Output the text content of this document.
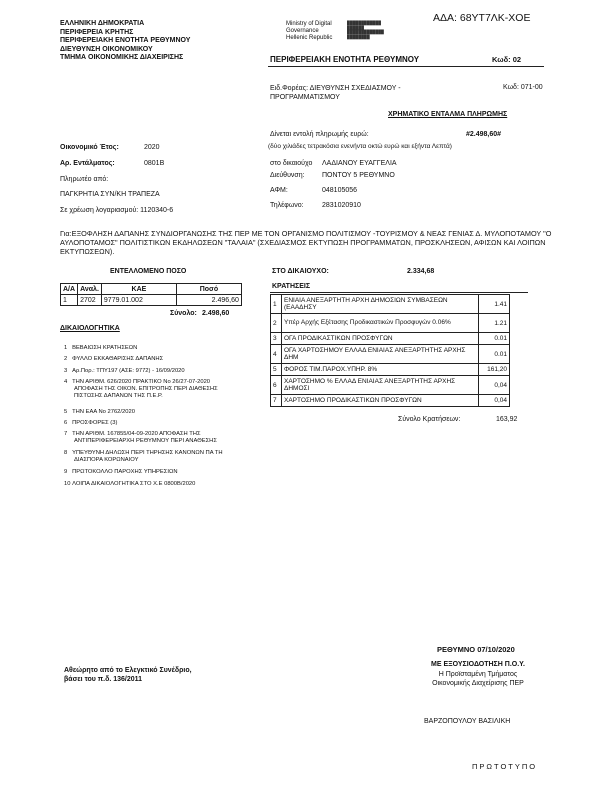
ΑΔΑ: 68ΥΤ7ΛΚ-ΧΟΕ
ΕΛΛΗΝΙΚΗ ΔΗΜΟΚΡΑΤΙΑ
ΠΕΡΙΦΕΡΕΙΑ ΚΡΗΤΗΣ
ΠΕΡΙΦΕΡΕΙΑΚΗ ΕΝΟΤΗΤΑ ΡΕΘΥΜΝΟΥ
ΔΙΕΥΘΥΝΣΗ ΟΙΚΟΝΟΜΙΚΟΥ
ΤΜΗΜΑ ΟΙΚΟΝΟΜΙΚΗΣ ΔΙΑΧΕΙΡΙΣΗΣ
Ministry of Digital
Governance
Hellenic Republic
████████████
██████
█████████████
████████
ΠΕΡΙΦΕΡΕΙΑΚΗ ΕΝΟΤΗΤΑ ΡΕΘΥΜΝΟΥ	Κωδ: 02
Ειδ.Φορέας: ΔΙΕΥΘΥΝΣΗ ΣΧΕΔΙΑΣΜΟΥ -
ΠΡΟΓΡΑΜΜΑΤΙΣΜΟΥ
Κωδ: 071-00
ΧΡΗΜΑΤΙΚΟ ΕΝΤΑΛΜΑ ΠΛΗΡΩΜΗΣ
Δίνεται εντολή πληρωμής ευρώ:	#2.498,60#
(δύο χιλιάδες τετρακόσια ενενήντα οκτώ ευρώ και εξήντα Λεπτά)
Οικονομικό Έτος:	2020
Αρ. Εντάλματος:	0801Β	στο δικαιούχο ΛΑΔΙΑΝΟΥ ΕΥΑΓΓΕΛΙΑ
Πληρωτέο από:
Διεύθυνση: ΠΟΝΤΟΥ 5 ΡΕΘΥΜΝΟ
ΠΑΓΚΡΗΤΙΑ ΣΥΝ/ΚΗ ΤΡΑΠΕΖΑ
ΑΦΜ:	048105056
Σε χρέωση λογαριασμού: 1120340-6
Τηλέφωνο:	2831020910
Για:ΕΞΟΦΛΗΣΗ ΔΑΠΑΝΗΣ ΣΥΝΔΙΟΡΓΑΝΩΣΗΣ ΤΗΣ ΠΕΡ ΜΕ ΤΟΝ ΟΡΓΑΝΙΣΜΟ ΠΟΛΙΤΙΣΜΟΥ -ΤΟΥΡΙΣΜΟΥ & ΝΕΑΣ ΓΕΝΙΑΣ Δ. ΜΥΛΟΠΟΤΑΜΟΥ "Ο ΑΥΛΟΠΟΤΑΜΟΣ" ΠΟΛΙΤΙΣΤΙΚΩΝ ΕΚΔΗΛΩΣΕΩΝ "ΤΑΛΑΙΑ" (ΣΧΕΔΙΑΣΜΟΣ ΕΚΤΥΠΩΣΗ ΠΡΟΓΡΑΜΜΑΤΩΝ, ΠΡΟΣΚΛΗΣΕΩΝ, ΑΦΙΣΩΝ ΚΑΙ ΛΟΙΠΩΝ ΕΚΤΥΠΩΣΕΩΝ).
ΕΝΤΕΛΛΟΜΕΝΟ ΠΟΣΟ
Α/Α	Αναλ.	ΚΑΕ	Ποσό
1	2702	9779.01.002	2.496,60
Σύνολο: 2.498,60
ΣΤΟ ΔΙΚΑΙΟΥΧΟ:	2.334,68
ΚΡΑΤΗΣΕΙΣ
1	ΕΝΙΑΙΑ ΑΝΕΞΑΡΤΗΤΗ ΑΡΧΗ ΔΗΜΟΣΙΩΝ ΣΥΜΒΑΣΕΩΝ (ΕΑΑΔΗΣΥ	1.41
2	Υπέρ Αρχής Εξέτασης Προδικαστικών Προσφυγών 0.06%	1.21
3	ΟΓΑ ΠΡΟΔΙΚΑΣΤΙΚΩΝ ΠΡΟΣΦΥΓΩΝ	0.01
4	ΟΓΑ ΧΑΡΤΟΣΗΜΟΥ ΕΛΛΑΔ ΕΝΙΑΙΑΣ ΑΝΕΞΑΡΤΗΤΗΣ ΑΡΧΗΣ ΔΗΜ	0.01
5	ΦΟΡΟΣ ΤΙΜ.ΠΑΡΟΧ.ΥΠΗΡ. 8%	161,20
6	ΧΑΡΤΟΣΗΜΟ % ΕΛΛΑΔ ΕΝΙΑΙΑΣ ΑΝΕΞΑΡΤΗΤΗΣ ΑΡΧΗΣ ΔΗΜΟΣΙ	0,04
7	ΧΑΡΤΟΣΗΜΟ ΠΡΟΔΙΚΑΣΤΙΚΩΝ ΠΡΟΣΦΥΓΩΝ	0,04
Σύνολο Κρατήσεων:	163,92
ΔΙΚΑΙΟΛΟΓΗΤΙΚΑ
1 ΒΕΒΑΙΩΣΗ ΚΡΑΤΗΣΕΩΝ
2 ΦΥΛΛΟ ΕΚΚΑΘΑΡΙΣΗΣ ΔΑΠΑΝΗΣ
3 Αρ.Πορ.: ΤΠΥ197 (ΑΣΕ: 9772) - 16/09/2020
4 ΤΗΝ ΑΡΙΘΜ. 626/2020 ΠΡΑΚΤΙΚΟ Νο 26/27-07-2020 ΑΠΟΦΑΣΗ ΤΗΣ ΟΙΚΟΝ. ΕΠΙΤΡΟΠΗΣ ΠΕΡΙ ΔΙΑΘΕΣΗΣ ΠΙΣΤΩΣΗΣ ΔΑΠΑΝΩΝ ΤΗΣ Π.Ε.Ρ.
5 ΤΗΝ ΕΑΑ Νο 2762/2020
6 ΠΡΟΣΦΟΡΕΣ (3)
7 ΤΗΝ ΑΡΙΘΜ. 167855/04-09-2020 ΑΠΟΦΑΣΗ ΤΗΣ ΑΝΤΙΠΕΡΙΦΕΡΕΙΑΡΧΗ ΡΕΘΥΜΝΟΥ ΠΕΡΙ ΑΝΑΘΕΣΗΣ
8 ΥΠΕΥΘΥΝΗ ΔΗΛΩΣΗ ΠΕΡΙ ΤΗΡΗΣΗΣ ΚΑΝΟΝΩΝ ΠΑ ΤΗ ΔΙΑΣΠΟΡΑ ΚΟΡΩΝΑΙΟΥ
9 ΠΡΩΤΟΚΟΛΛΟ ΠΑΡΟΧΗΣ ΥΠΗΡΕΣΙΩΝ
10 ΛΟΙΠΑ ΔΙΚΑΙΟΛΟΓΗΤΙΚΑ ΣΤΟ Χ.Ε 0800Β/2020
ΡΕΘΥΜΝΟ 07/10/2020
Αθεώρητο από το Ελεγκτικό Συνέδριο,
βάσει του π.δ. 136/2011
ΜΕ ΕΞΟΥΣΙΟΔΟΤΗΣΗ Π.Ο.Υ.
Η Προϊσταμένη Τμήματος
Οικονομικής Διαχείρισης ΠΕΡ
ΒΑΡΖΟΠΟΥΛΟΥ ΒΑΣΙΛΙΚΗ
ΠΡΩΤΟΤΥΠΟ
